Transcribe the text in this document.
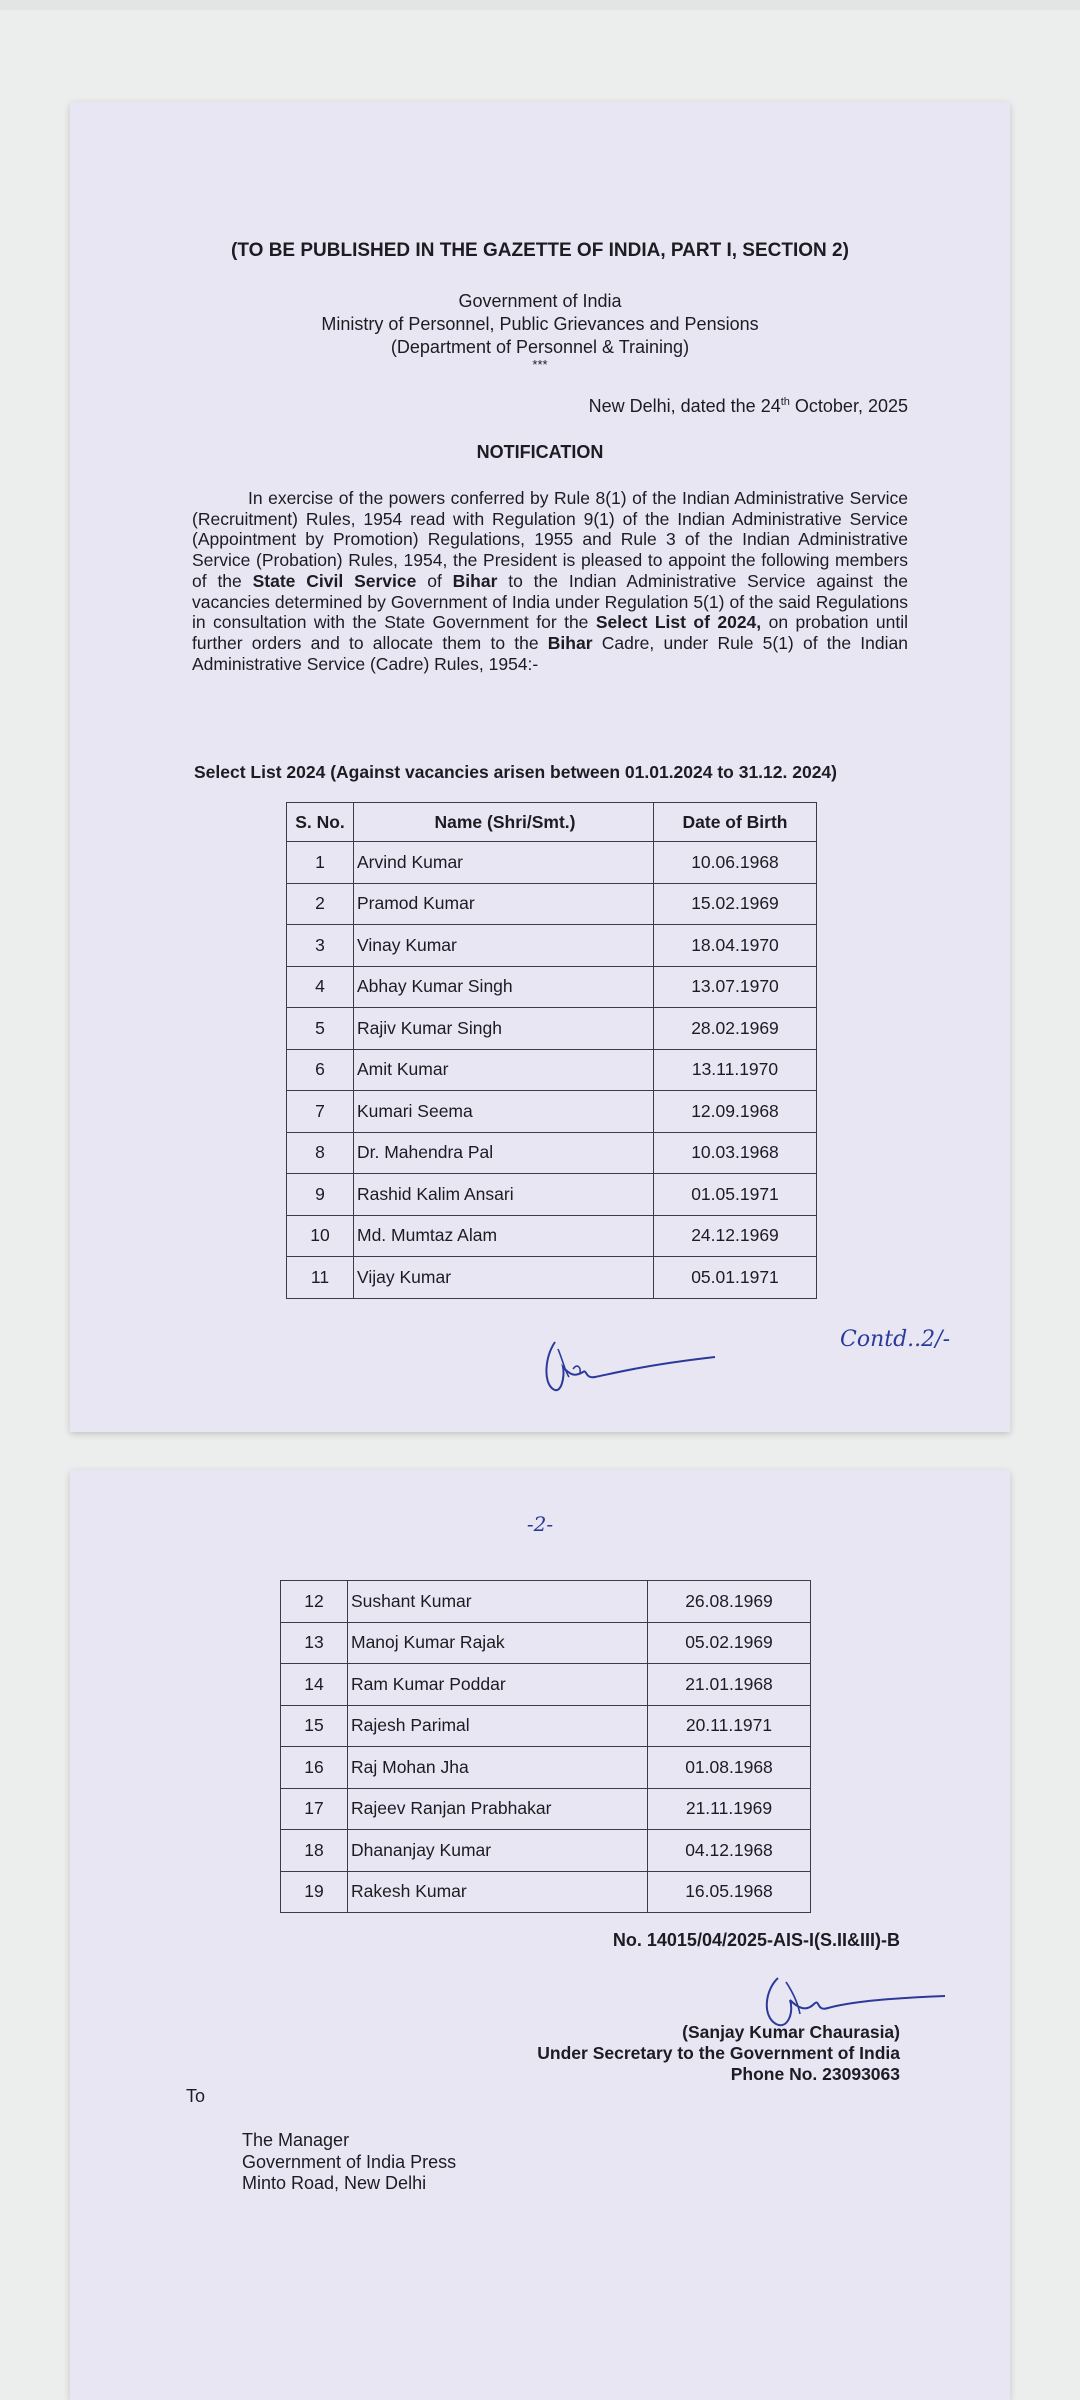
(TO BE PUBLISHED IN THE GAZETTE OF INDIA, PART I, SECTION 2)
Government of India
Ministry of Personnel, Public Grievances and Pensions
(Department of Personnel & Training)
***
New Delhi, dated the 24th October, 2025
NOTIFICATION
In exercise of the powers conferred by Rule 8(1) of the Indian Administrative Service (Recruitment) Rules, 1954 read with Regulation 9(1) of the Indian Administrative Service (Appointment by Promotion) Regulations, 1955 and Rule 3 of the Indian Administrative Service (Probation) Rules, 1954, the President is pleased to appoint the following members of the State Civil Service of Bihar to the Indian Administrative Service against the vacancies determined by Government of India under Regulation 5(1) of the said Regulations in consultation with the State Government for the Select List of 2024, on probation until further orders and to allocate them to the Bihar Cadre, under Rule 5(1) of the Indian Administrative Service (Cadre) Rules, 1954:-
Select List 2024 (Against vacancies arisen between 01.01.2024 to 31.12. 2024)
S. No.	Name (Shri/Smt.)	Date of Birth
1	Arvind Kumar	10.06.1968
2	Pramod Kumar	15.02.1969
3	Vinay Kumar	18.04.1970
4	Abhay Kumar Singh	13.07.1970
5	Rajiv Kumar Singh	28.02.1969
6	Amit Kumar	13.11.1970
7	Kumari Seema	12.09.1968
8	Dr. Mahendra Pal	10.03.1968
9	Rashid Kalim Ansari	01.05.1971
10	Md. Mumtaz Alam	24.12.1969
11	Vijay Kumar	05.01.1971
Contd..2/-
-2-
12	Sushant Kumar	26.08.1969
13	Manoj Kumar Rajak	05.02.1969
14	Ram Kumar Poddar	21.01.1968
15	Rajesh Parimal	20.11.1971
16	Raj Mohan Jha	01.08.1968
17	Rajeev Ranjan Prabhakar	21.11.1969
18	Dhananjay Kumar	04.12.1968
19	Rakesh Kumar	16.05.1968
No. 14015/04/2025-AIS-I(S.II&III)-B
(Sanjay Kumar Chaurasia)
Under Secretary to the Government of India
Phone No. 23093063
To
The Manager
Government of India Press
Minto Road, New Delhi
